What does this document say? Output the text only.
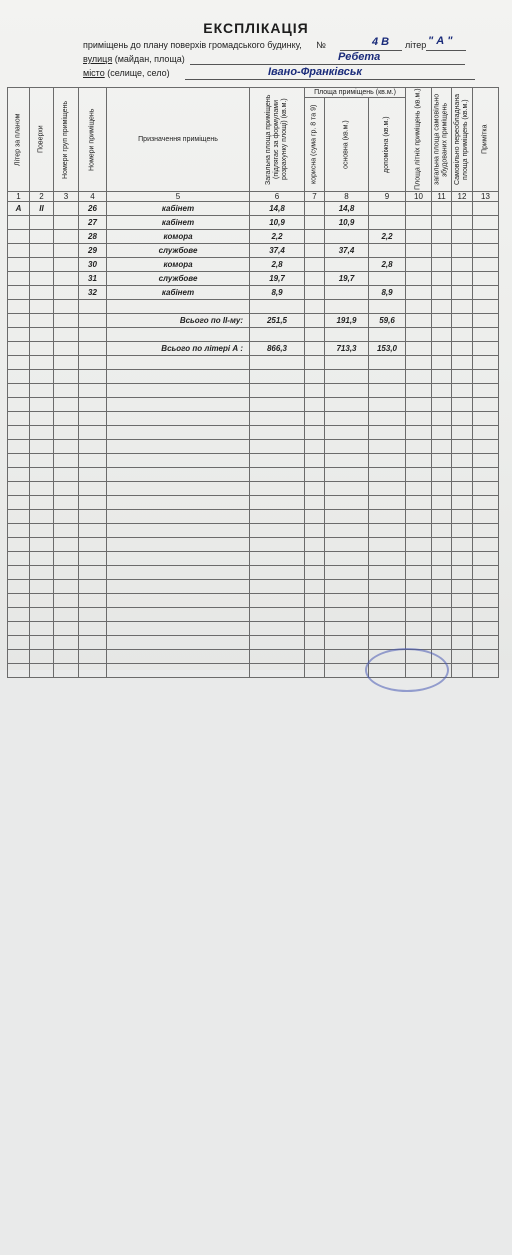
ЕКСПЛІКАЦІЯ
приміщень до плану поверхів громадського будинку, №	4 В літер " А "
вулиця (майдан, площа)	Ребета
місто (селище, село)	Івано-Франківськ
Літер за планом	Поверхи	Номери груп приміщень	Номери приміщень	Призначення приміщень	Загальна площа приміщень (підлягає за формулами розрахунку площі) (кв.м.)	Площа приміщень (кв.м.)			Площа літніх приміщень (кв.м.)	загальна площа самовільно збудованих приміщень	Самовільно переобладнана площа приміщень (кв.м.)	Примітка

корисна (сума гр. 8 та 9)	основна (кв.м.)	допоміжна (кв.м.)				

1	2	3	4	5	6	7	8	9	10	11	12	13
А	ІІ		26	кабінет	14,8		14,8					
			27	кабінет	10,9		10,9					
			28	комора	2,2			2,2				
			29	службове	37,4		37,4					
			30	комора	2,8			2,8				
			31	службове	19,7		19,7					
			32	кабінет	8,9			8,9				

				Всього по ІІ-му:	251,5		191,9	59,6				

				Всього по літері А :	866,3		713,3	153,0				
